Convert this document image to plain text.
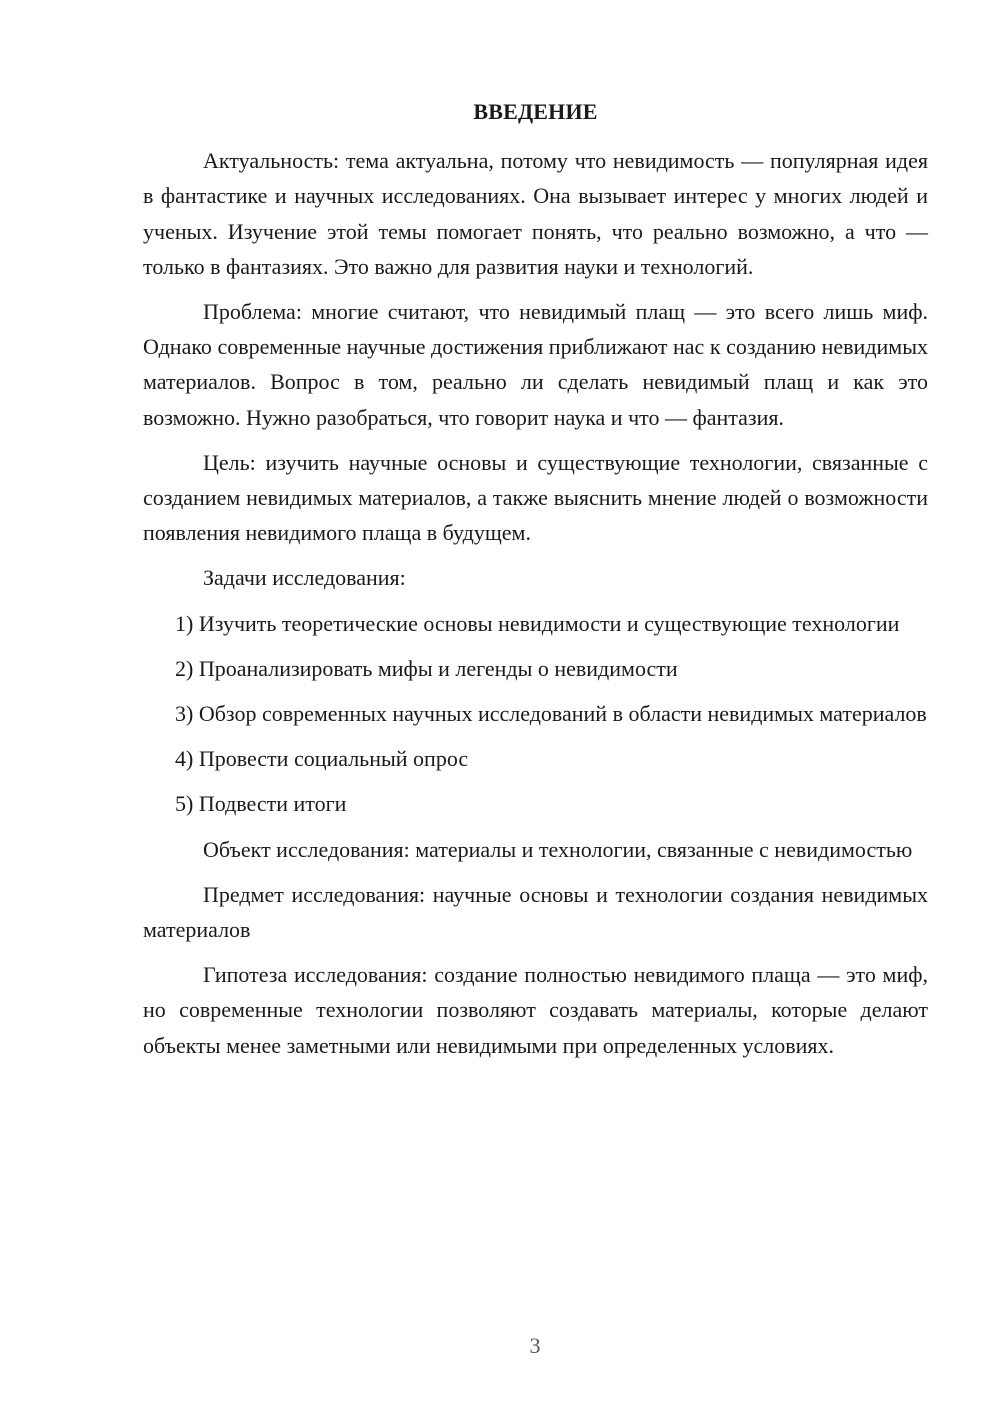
ВВЕДЕНИЕ

Актуальность: тема актуальна, потому что невидимость — популярная идея в фантастике и научных исследованиях. Она вызывает интерес у многих людей и ученых. Изучение этой темы помогает понять, что реально возможно, а что — только в фантазиях. Это важно для развития науки и технологий.

Проблема: многие считают, что невидимый плащ — это всего лишь миф. Однако современные научные достижения приближают нас к созданию невидимых материалов. Вопрос в том, реально ли сделать невидимый плащ и как это возможно. Нужно разобраться, что говорит наука и что — фантазия.

Цель: изучить научные основы и существующие технологии, связанные с созданием невидимых материалов, а также выяснить мнение людей о возможности появления невидимого плаща в будущем.

Задачи исследования:

1) Изучить теоретические основы невидимости и существующие технологии

2) Проанализировать мифы и легенды о невидимости

3) Обзор современных научных исследований в области невидимых материалов

4) Провести социальный опрос

5) Подвести итоги

Объект исследования: материалы и технологии, связанные с невидимостью

Предмет исследования: научные основы и технологии создания невидимых материалов

Гипотеза исследования: создание полностью невидимого плаща — это миф, но современные технологии позволяют создавать материалы, которые делают объекты менее заметными или невидимыми при определенных условиях.

3
